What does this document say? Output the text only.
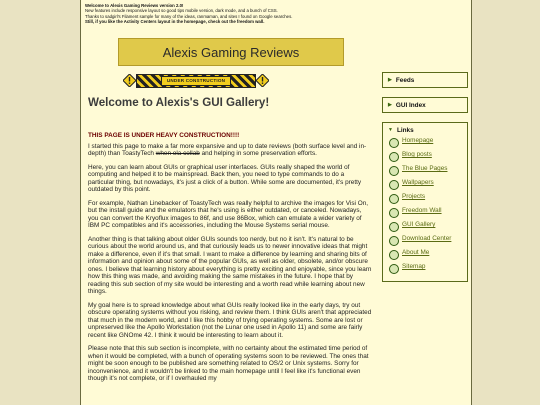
Welcome to Alexis Gaming Reviews version 2.0!
New features include responsive layout so good tips mobile version, dark mode, and a bunch of CSS.
Thanks to sadgirl's Filament sample for many of the ideas, ranmaman, and sites I found on Google searches.
Still, if you like the Activity Centers layout in the homepage, check out the freedom wall.
Alexis Gaming Reviews
UNDER CONSTRUCTION
Welcome to Alexis's GUI Gallery!

THIS PAGE IS UNDER HEAVY CONSTRUCTION!!!!

I started this page to make a far more expansive and up to date reviews (both surface level and in-depth) than ToastyTech when ola collab and helping in some preservation efforts.

Here, you can learn about GUIs or graphical user interfaces. GUIs really shaped the world of computing and helped it to be mainspread. Back then, you need to type commands to do a particular thing, but nowadays, it's just a click of a button. While some are documented, it's pretty outdated by this point.

For example, Nathan Linebacker of ToastyTech was really helpful to archive the images for Visi On, but the install guide and the emulators that he's using is either outdated, or canceled. Nowadays, you can convert the Kryoflux images to 86f, and use 86Box, which can emulate a wider variety of IBM PC compatibles and it's accessories, including the Mouse Systems serial mouse.

Another thing is that talking about older GUIs sounds too nerdy, but no it isn't. It's natural to be curious about the world around us, and that curiously leads us to newer innovative ideas that might make a difference, even if it's that small. I want to make a difference by learning and sharing bits of information and opinion about some of the popular GUIs, as well as older, obsolete, and/or obscure ones. I believe that learning history about everything is pretty exciting and enjoyable, since you learn how this thing was made, and avoiding making the same mistakes in the future. I hope that by reading this sub section of my site would be interesting and a worth read while learning about new things.

My goal here is to spread knowledge about what GUIs really looked like in the early days, try out obscure operating systems without you risking, and review them. I think GUIs aren't that appreciated that much in the modern world, and I like this hobby of trying operating systems. Some are lost or unpreserved like the Apollo Workstation (not the Lunar one used in Apollo 11) and some are fairly recent like GNOme 42. I think it would be interesting to learn about it.

Please note that this sub section is incomplete, with no certainty about the estimated time period of when it would be completed, with a bunch of operating systems soon to be reviewed. The ones that might be soon enough to be published are something related to OS/2 or Unix systems. Sorry for inconvenience, and it wouldn't be linked to the main homepage until I feel like it's functional even though it's not complete, or if I overhauled my

▶ Feeds
▶ GUI Index
▼ Links
Homepage
Blog posts
The Blue Pages
Wallpapers
Projects
Freedom Wall
GUI Gallery
Download Center
About Me
Sitemap
